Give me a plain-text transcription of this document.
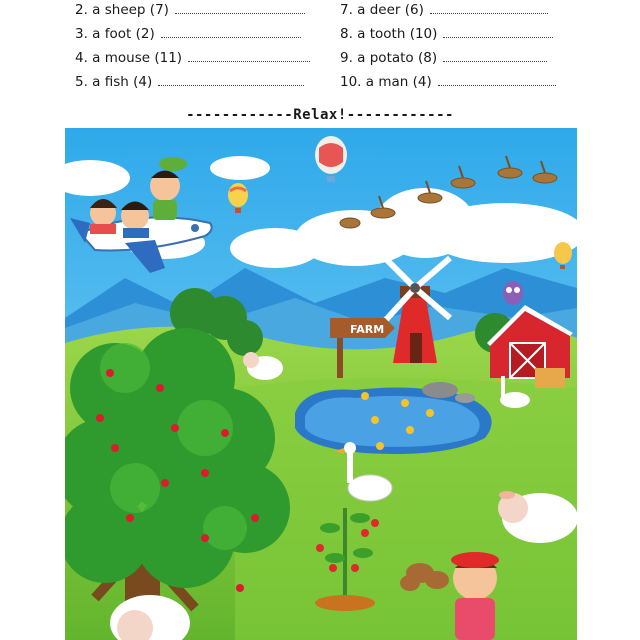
2. a sheep (7)
3. a foot (2)
4. a mouse (11)
5. a fish (4)
7. a deer (6)
8. a tooth (10)
9. a potato (8)
10. a man (4)
------------Relax!------------
FARM
